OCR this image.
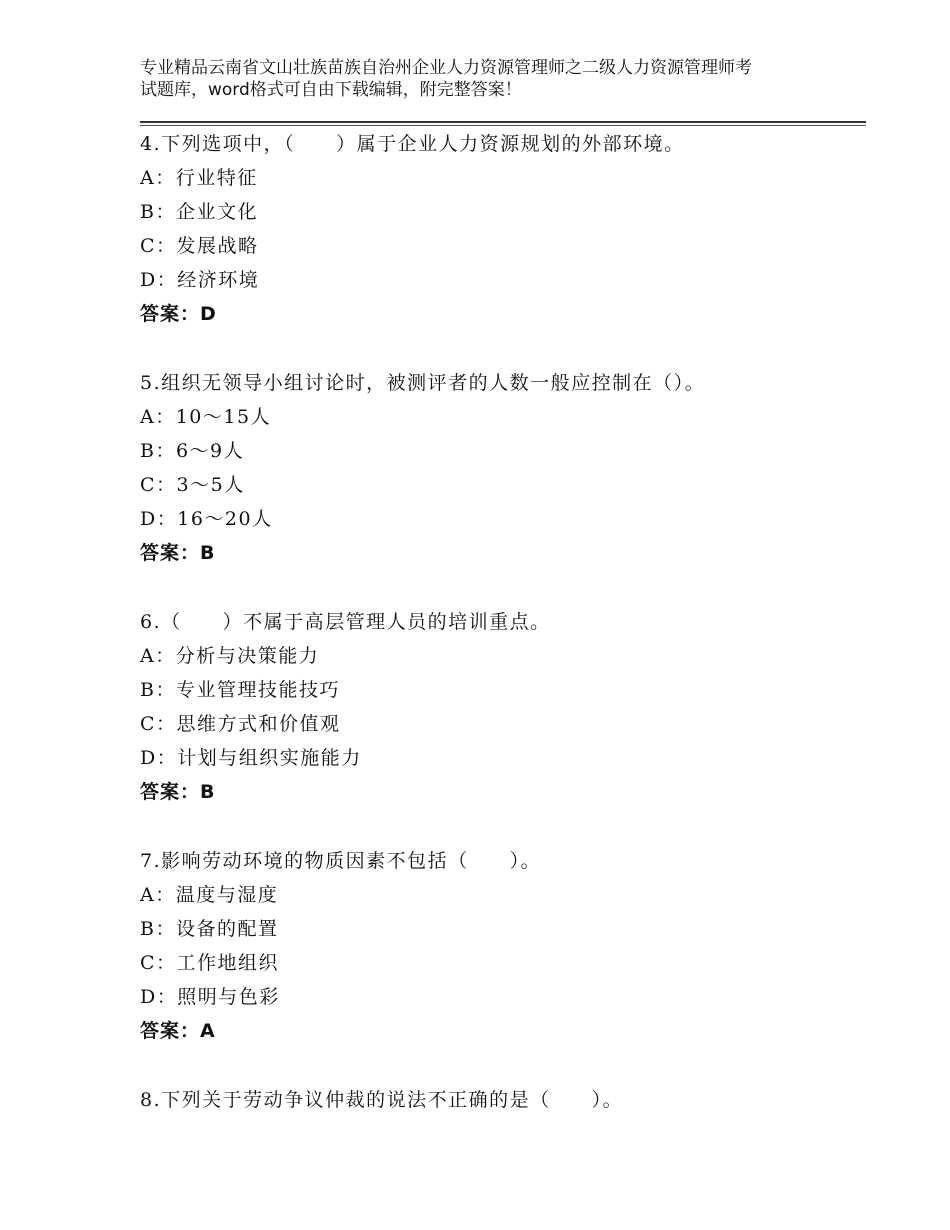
专业精品云南省文山壮族苗族自治州企业人力资源管理师之二级人力资源管理师考
试题库，word格式可自由下载编辑，附完整答案！
4.下列选项中，（　　）属于企业人力资源规划的外部环境。
A：行业特征
B：企业文化
C：发展战略
D：经济环境
答案：D
5.组织无领导小组讨论时，被测评者的人数一般应控制在（）。
A：10～15人
B：6～9人
C：3～5人
D：16～20人
答案：B
6.（　　）不属于高层管理人员的培训重点。
A：分析与决策能力
B：专业管理技能技巧
C：思维方式和价值观
D：计划与组织实施能力
答案：B
7.影响劳动环境的物质因素不包括（　　）。
A：温度与湿度
B：设备的配置
C：工作地组织
D：照明与色彩
答案：A
8.下列关于劳动争议仲裁的说法不正确的是（　　）。
